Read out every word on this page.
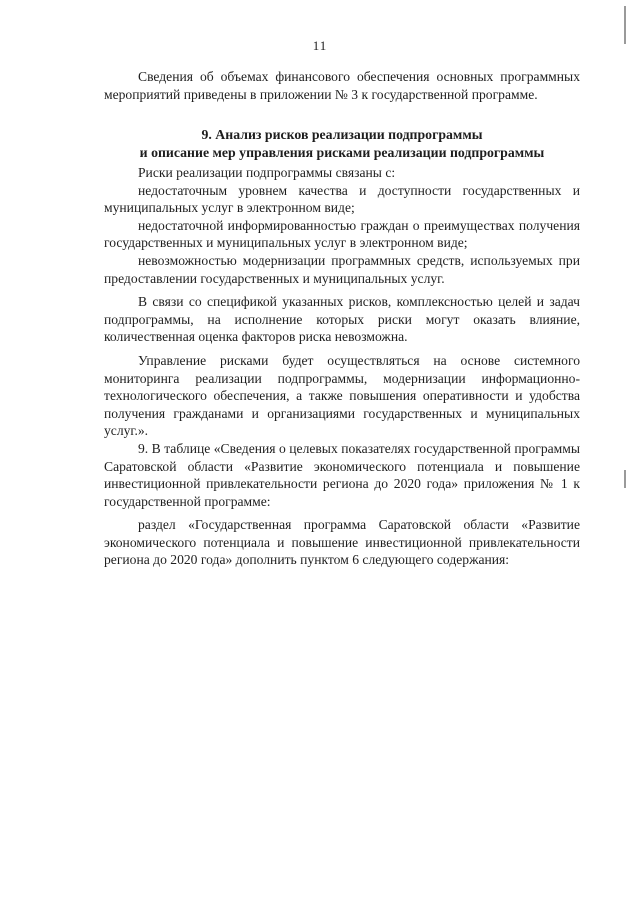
11

Сведения об объемах финансового обеспечения основных программных мероприятий приведены в приложении № 3 к государственной программе.

9. Анализ рисков реализации подпрограммы
и описание мер управления рисками реализации подпрограммы

Риски реализации подпрограммы связаны с:

недостаточным уровнем качества и доступности государственных и муниципальных услуг в электронном виде;

недостаточной информированностью граждан о преимуществах получения государственных и муниципальных услуг в электронном виде;

невозможностью модернизации программных средств, используемых при предоставлении государственных и муниципальных услуг.

В связи со спецификой указанных рисков, комплексностью целей и задач подпрограммы, на исполнение которых риски могут оказать влияние, количественная оценка факторов риска невозможна.

Управление рисками будет осуществляться на основе системного мониторинга реализации подпрограммы, модернизации информационно-технологического обеспечения, а также повышения оперативности и удобства получения гражданами и организациями государственных и муниципальных услуг.».

9. В таблице «Сведения о целевых показателях государственной программы Саратовской области «Развитие экономического потенциала и повышение инвестиционной привлекательности региона до 2020 года» приложения № 1 к государственной программе:

раздел «Государственная программа Саратовской области «Развитие экономического потенциала и повышение инвестиционной привлекательности региона до 2020 года» дополнить пунктом 6 следующего содержания:
